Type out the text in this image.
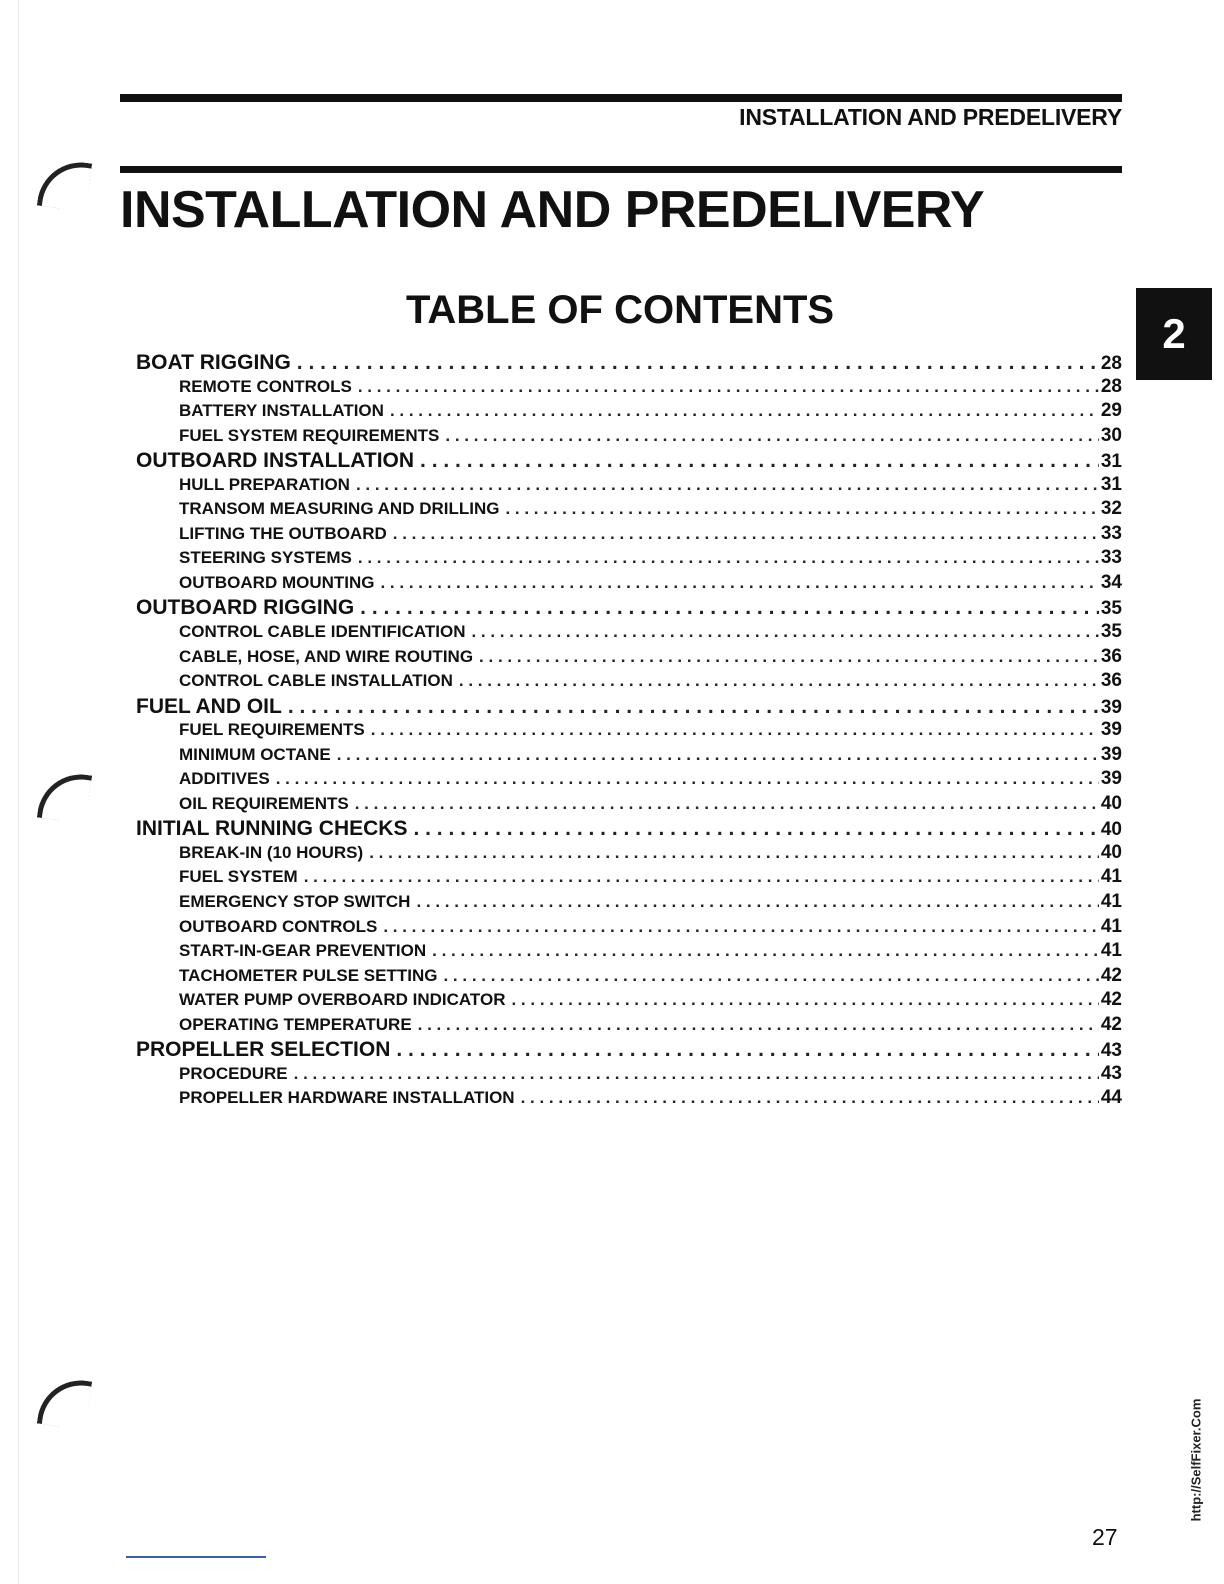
INSTALLATION AND PREDELIVERY
INSTALLATION AND PREDELIVERY
TABLE OF CONTENTS	2
BOAT RIGGING . . .	28
REMOTE CONTROLS . . .	28
BATTERY INSTALLATION . . .	29
FUEL SYSTEM REQUIREMENTS . . .	30
OUTBOARD INSTALLATION . . .	31
HULL PREPARATION . . .	31
TRANSOM MEASURING AND DRILLING . . .	32
LIFTING THE OUTBOARD . . .	33
STEERING SYSTEMS . . .	33
OUTBOARD MOUNTING . . .	34
OUTBOARD RIGGING . . .	35
CONTROL CABLE IDENTIFICATION . . .	35
CABLE, HOSE, AND WIRE ROUTING . . .	36
CONTROL CABLE INSTALLATION . . .	36
FUEL AND OIL . . .	39
FUEL REQUIREMENTS . . .	39
MINIMUM OCTANE . . .	39
ADDITIVES . . .	39
OIL REQUIREMENTS . . .	40
INITIAL RUNNING CHECKS . . .	40
BREAK-IN (10 HOURS) . . .	40
FUEL SYSTEM . . .	41
EMERGENCY STOP SWITCH . . .	41
OUTBOARD CONTROLS . . .	41
START-IN-GEAR PREVENTION . . .	41
TACHOMETER PULSE SETTING . . .	42
WATER PUMP OVERBOARD INDICATOR . . .	42
OPERATING TEMPERATURE . . .	42
PROPELLER SELECTION . . .	43
PROCEDURE . . .	43
PROPELLER HARDWARE INSTALLATION . . .	44
27
http://SelfFixer.Com
